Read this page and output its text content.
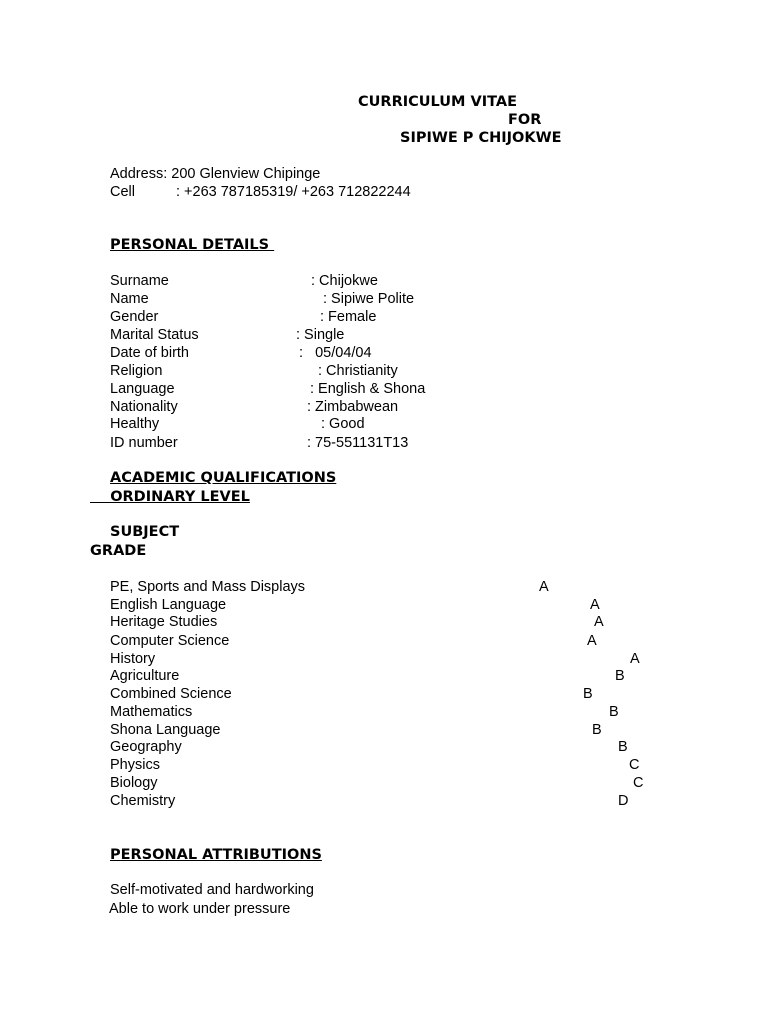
CURRICULUM VITAE
FOR
SIPIWE P CHIJOKWE
Address: 200 Glenview Chipinge
Cell	: +263 787185319/ +263 712822244
PERSONAL DETAILS
Surname	: Chijokwe
Name	: Sipiwe Polite
Gender	: Female
Marital Status	: Single
Date of birth	:   05/04/04
Religion	: Christianity
Language	: English & Shona
Nationality	: Zimbabwean
Healthy	: Good
ID number	: 75-551131T13
ACADEMIC QUALIFICATIONS
ORDINARY LEVEL
SUBJECT
GRADE
PE, Sports and Mass Displays	A
English Language	A
Heritage Studies	A
Computer Science	A
History	A
Agriculture	B
Combined Science	B
Mathematics	B
Shona Language	B
Geography	B
Physics	C
Biology	C
Chemistry	D
PERSONAL ATTRIBUTIONS
Self-motivated and hardworking
Able to work under pressure
